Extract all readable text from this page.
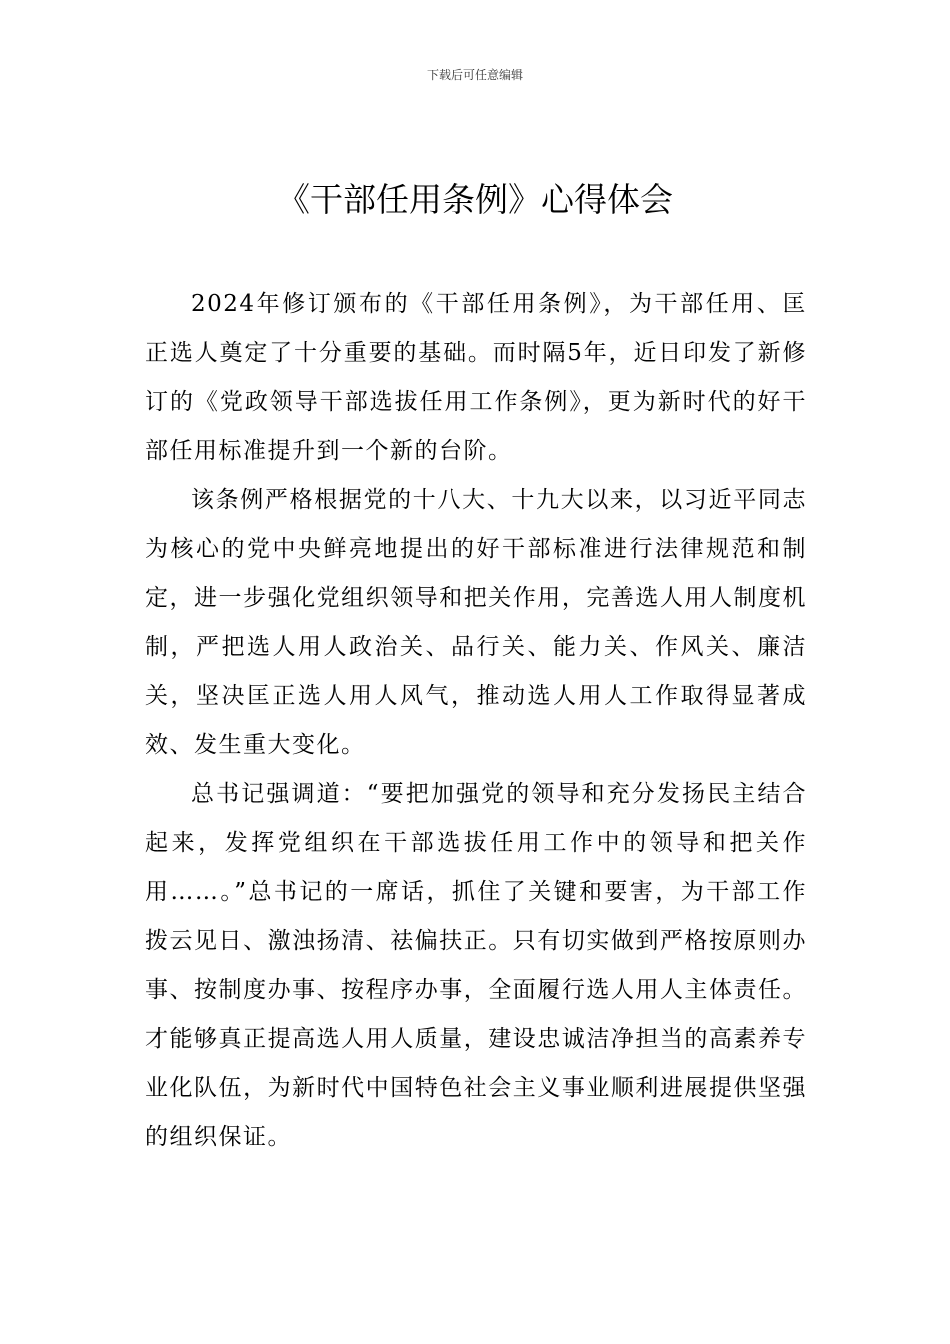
下载后可任意编辑
《干部任用条例》心得体会

2024年修订颁布的《干部任用条例》，为干部任用、匡正选人奠定了十分重要的基础。而时隔5年，近日印发了新修订的《党政领导干部选拔任用工作条例》，更为新时代的好干部任用标准提升到一个新的台阶。

该条例严格根据党的十八大、十九大以来，以习近平同志为核心的党中央鲜亮地提出的好干部标准进行法律规范和制定，进一步强化党组织领导和把关作用，完善选人用人制度机制，严把选人用人政治关、品行关、能力关、作风关、廉洁关，坚决匡正选人用人风气，推动选人用人工作取得显著成效、发生重大变化。

总书记强调道：“要把加强党的领导和充分发扬民主结合起来，发挥党组织在干部选拔任用工作中的领导和把关作用……。”总书记的一席话，抓住了关键和要害，为干部工作拨云见日、激浊扬清、祛偏扶正。只有切实做到严格按原则办事、按制度办事、按程序办事，全面履行选人用人主体责任。才能够真正提高选人用人质量，建设忠诚洁净担当的高素养专业化队伍，为新时代中国特色社会主义事业顺利进展提供坚强的组织保证。
